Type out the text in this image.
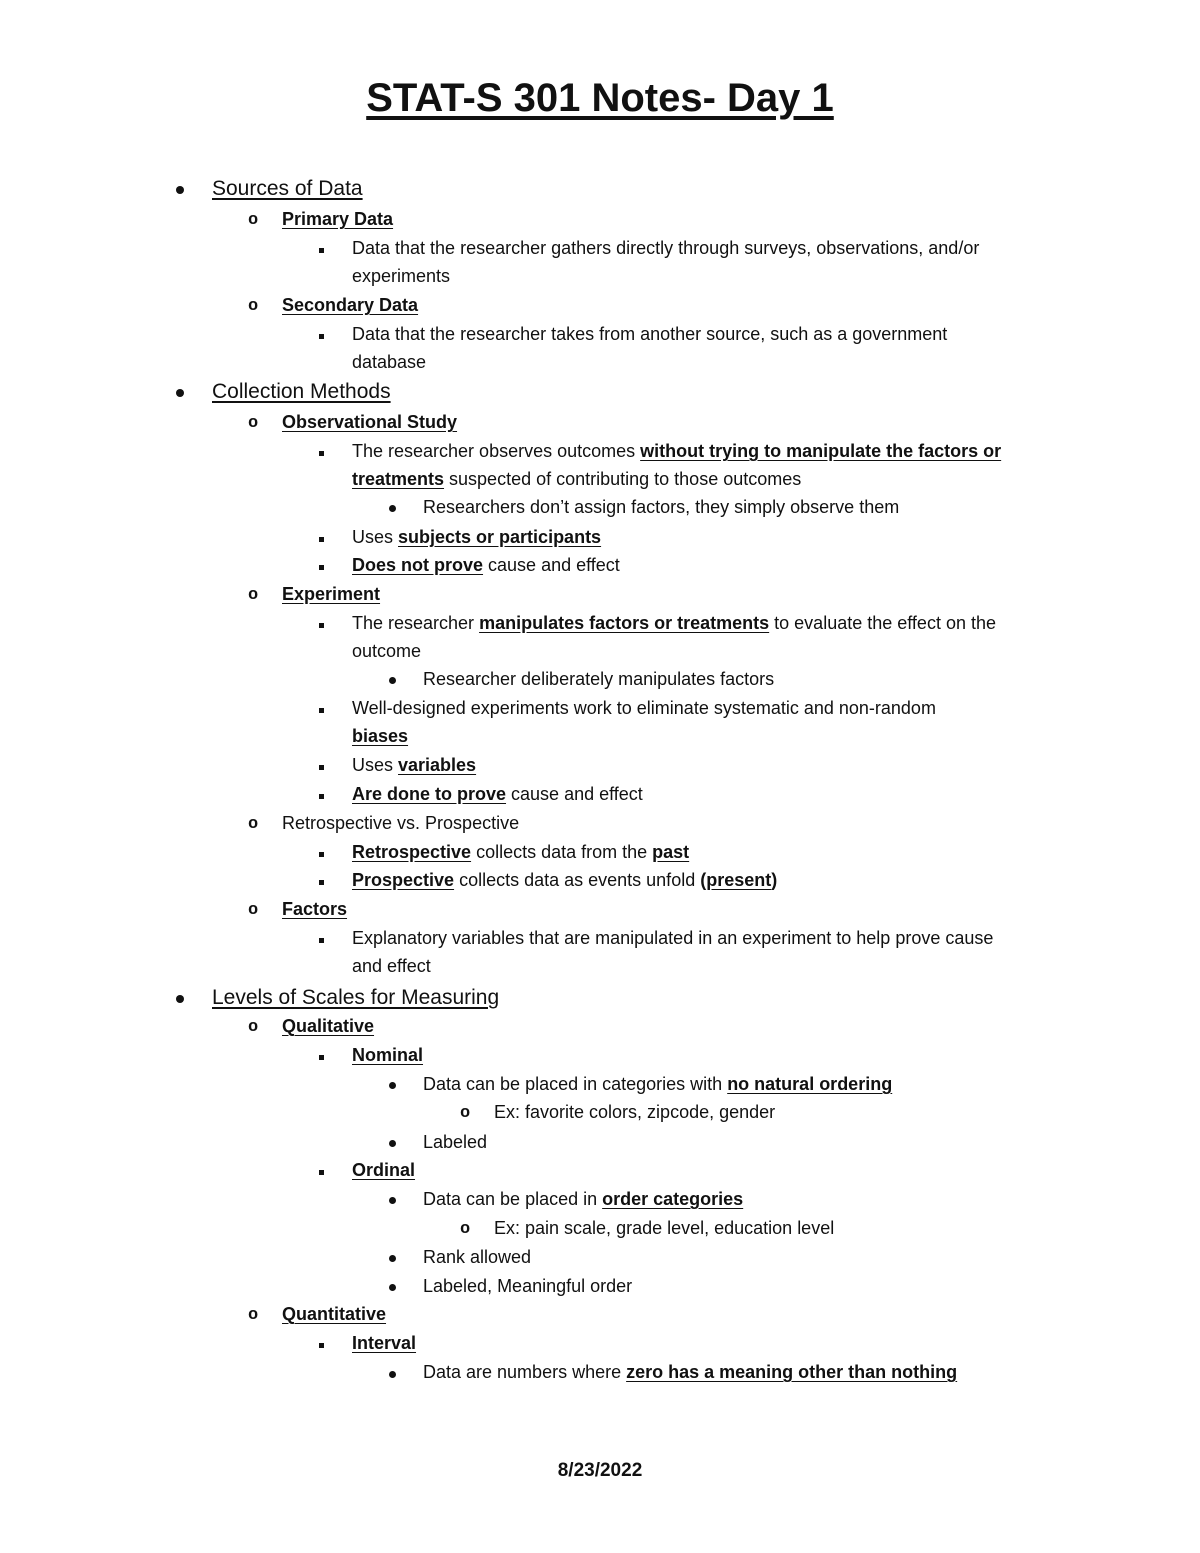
STAT-S 301 Notes- Day 1
Sources of Data
o Primary Data
Data that the researcher gathers directly through surveys, observations, and/or
experiments
o Secondary Data
Data that the researcher takes from another source, such as a government
database
Collection Methods
o Observational Study
The researcher observes outcomes without trying to manipulate the factors or
treatments suspected of contributing to those outcomes
Researchers don’t assign factors, they simply observe them
Uses subjects or participants
Does not prove cause and effect
o Experiment
The researcher manipulates factors or treatments to evaluate the effect on the
outcome
Researcher deliberately manipulates factors
Well-designed experiments work to eliminate systematic and non-random
biases
Uses variables
Are done to prove cause and effect
o Retrospective vs. Prospective
Retrospective collects data from the past
Prospective collects data as events unfold (present)
o Factors
Explanatory variables that are manipulated in an experiment to help prove cause
and effect
Levels of Scales for Measuring
o Qualitative
Nominal
Data can be placed in categories with no natural ordering
o Ex: favorite colors, zipcode, gender
Labeled
Ordinal
Data can be placed in order categories
o Ex: pain scale, grade level, education level
Rank allowed
Labeled, Meaningful order
o Quantitative
Interval
Data are numbers where zero has a meaning other than nothing
8/23/2022
